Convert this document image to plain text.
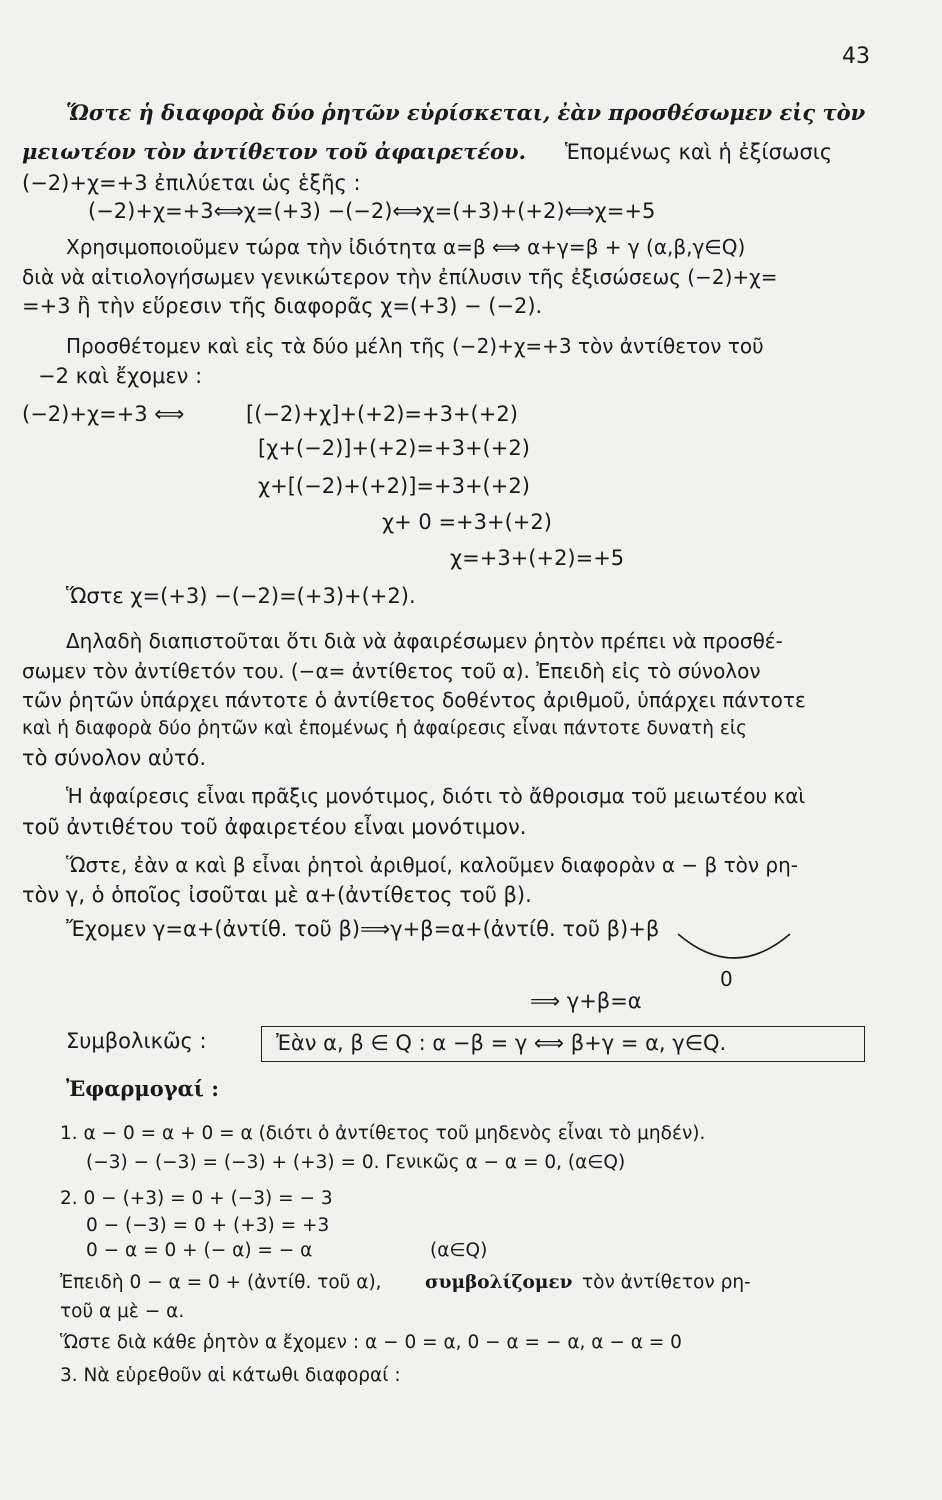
43
Ὥστε ἡ διαφορὰ δύο ῥητῶν εὑρίσκεται, ἐὰν προσθέσωμεν εἰς τὸν
μειωτέον τὸν ἀντίθετον τοῦ ἀφαιρετέου. Ἑπομένως καὶ ἡ ἐξίσωσις
(−2)+χ=+3 ἐπιλύεται ὡς ἑξῆς :
(−2)+χ=+3⟺χ=(+3) −(−2)⟺χ=(+3)+(+2)⟺χ=+5
Χρησιμοποιοῦμεν τώρα τὴν ἰδιότητα α=β ⟺ α+γ=β + γ (α,β,γ∈Q)
διὰ νὰ αἰτιολογήσωμεν γενικώτερον τὴν ἐπίλυσιν τῆς ἐξισώσεως (−2)+χ=
=+3 ἢ τὴν εὕρεσιν τῆς διαφορᾶς χ=(+3) − (−2).
Προσθέτομεν καὶ εἰς τὰ δύο μέλη τῆς (−2)+χ=+3 τὸν ἀντίθετον τοῦ
−2 καὶ ἔχομεν :
(−2)+χ=+3 ⟺	[(−2)+χ]+(+2)=+3+(+2)
[χ+(−2)]+(+2)=+3+(+2)
χ+[(−2)+(+2)]=+3+(+2)
χ+ 0 =+3+(+2)
χ=+3+(+2)=+5
Ὥστε χ=(+3) −(−2)=(+3)+(+2).
Δηλαδὴ διαπιστοῦται ὅτι διὰ νὰ ἀφαιρέσωμεν ῥητὸν πρέπει νὰ προσθέ-
σωμεν τὸν ἀντίθετόν του. (−α= ἀντίθετος τοῦ α). Ἐπειδὴ εἰς τὸ σύνολον
τῶν ῥητῶν ὑπάρχει πάντοτε ὁ ἀντίθετος δοθέντος ἀριθμοῦ, ὑπάρχει πάντοτε
καὶ ἡ διαφορὰ δύο ῥητῶν καὶ ἑπομένως ἡ ἀφαίρεσις εἶναι πάντοτε δυνατὴ εἰς
τὸ σύνολον αὐτό.
Ἡ ἀφαίρεσις εἶναι πρᾶξις μονότιμος, διότι τὸ ἄθροισμα τοῦ μειωτέου καὶ
τοῦ ἀντιθέτου τοῦ ἀφαιρετέου εἶναι μονότιμον.
Ὥστε, ἐὰν α καὶ β εἶναι ῥητοὶ ἀριθμοί, καλοῦμεν διαφορὰν α − β τὸν ρη-
τὸν γ, ὁ ὁποῖος ἰσοῦται μὲ α+(ἀντίθετος τοῦ β).
Ἔχομεν γ=α+(ἀντίθ. τοῦ β)⟹γ+β=α+(ἀντίθ. τοῦ β)+β
0
⟹ γ+β=α
Συμβολικῶς :	Ἐὰν α, β ∈ Q : α −β = γ ⟺ β+γ = α, γ∈Q.
Ἐφαρμογαί :
1. α − 0 = α + 0 = α (διότι ὁ ἀντίθετος τοῦ μηδενὸς εἶναι τὸ μηδέν).
(−3) − (−3) = (−3) + (+3) = 0. Γενικῶς α − α = 0, (α∈Q)
2. 0 − (+3) = 0 + (−3) = − 3
0 − (−3) = 0 + (+3) = +3
0 − α = 0 + (− α) = − α	(α∈Q)
Ἐπειδὴ 0 − α = 0 + (ἀντίθ. τοῦ α), συμβολίζομεν τὸν ἀντίθετον ρη-
τοῦ α μὲ − α.
Ὥστε διὰ κάθε ῥητὸν α ἔχομεν : α − 0 = α, 0 − α = − α, α − α = 0
3. Νὰ εὑρεθοῦν αἱ κάτωθι διαφοραί :
